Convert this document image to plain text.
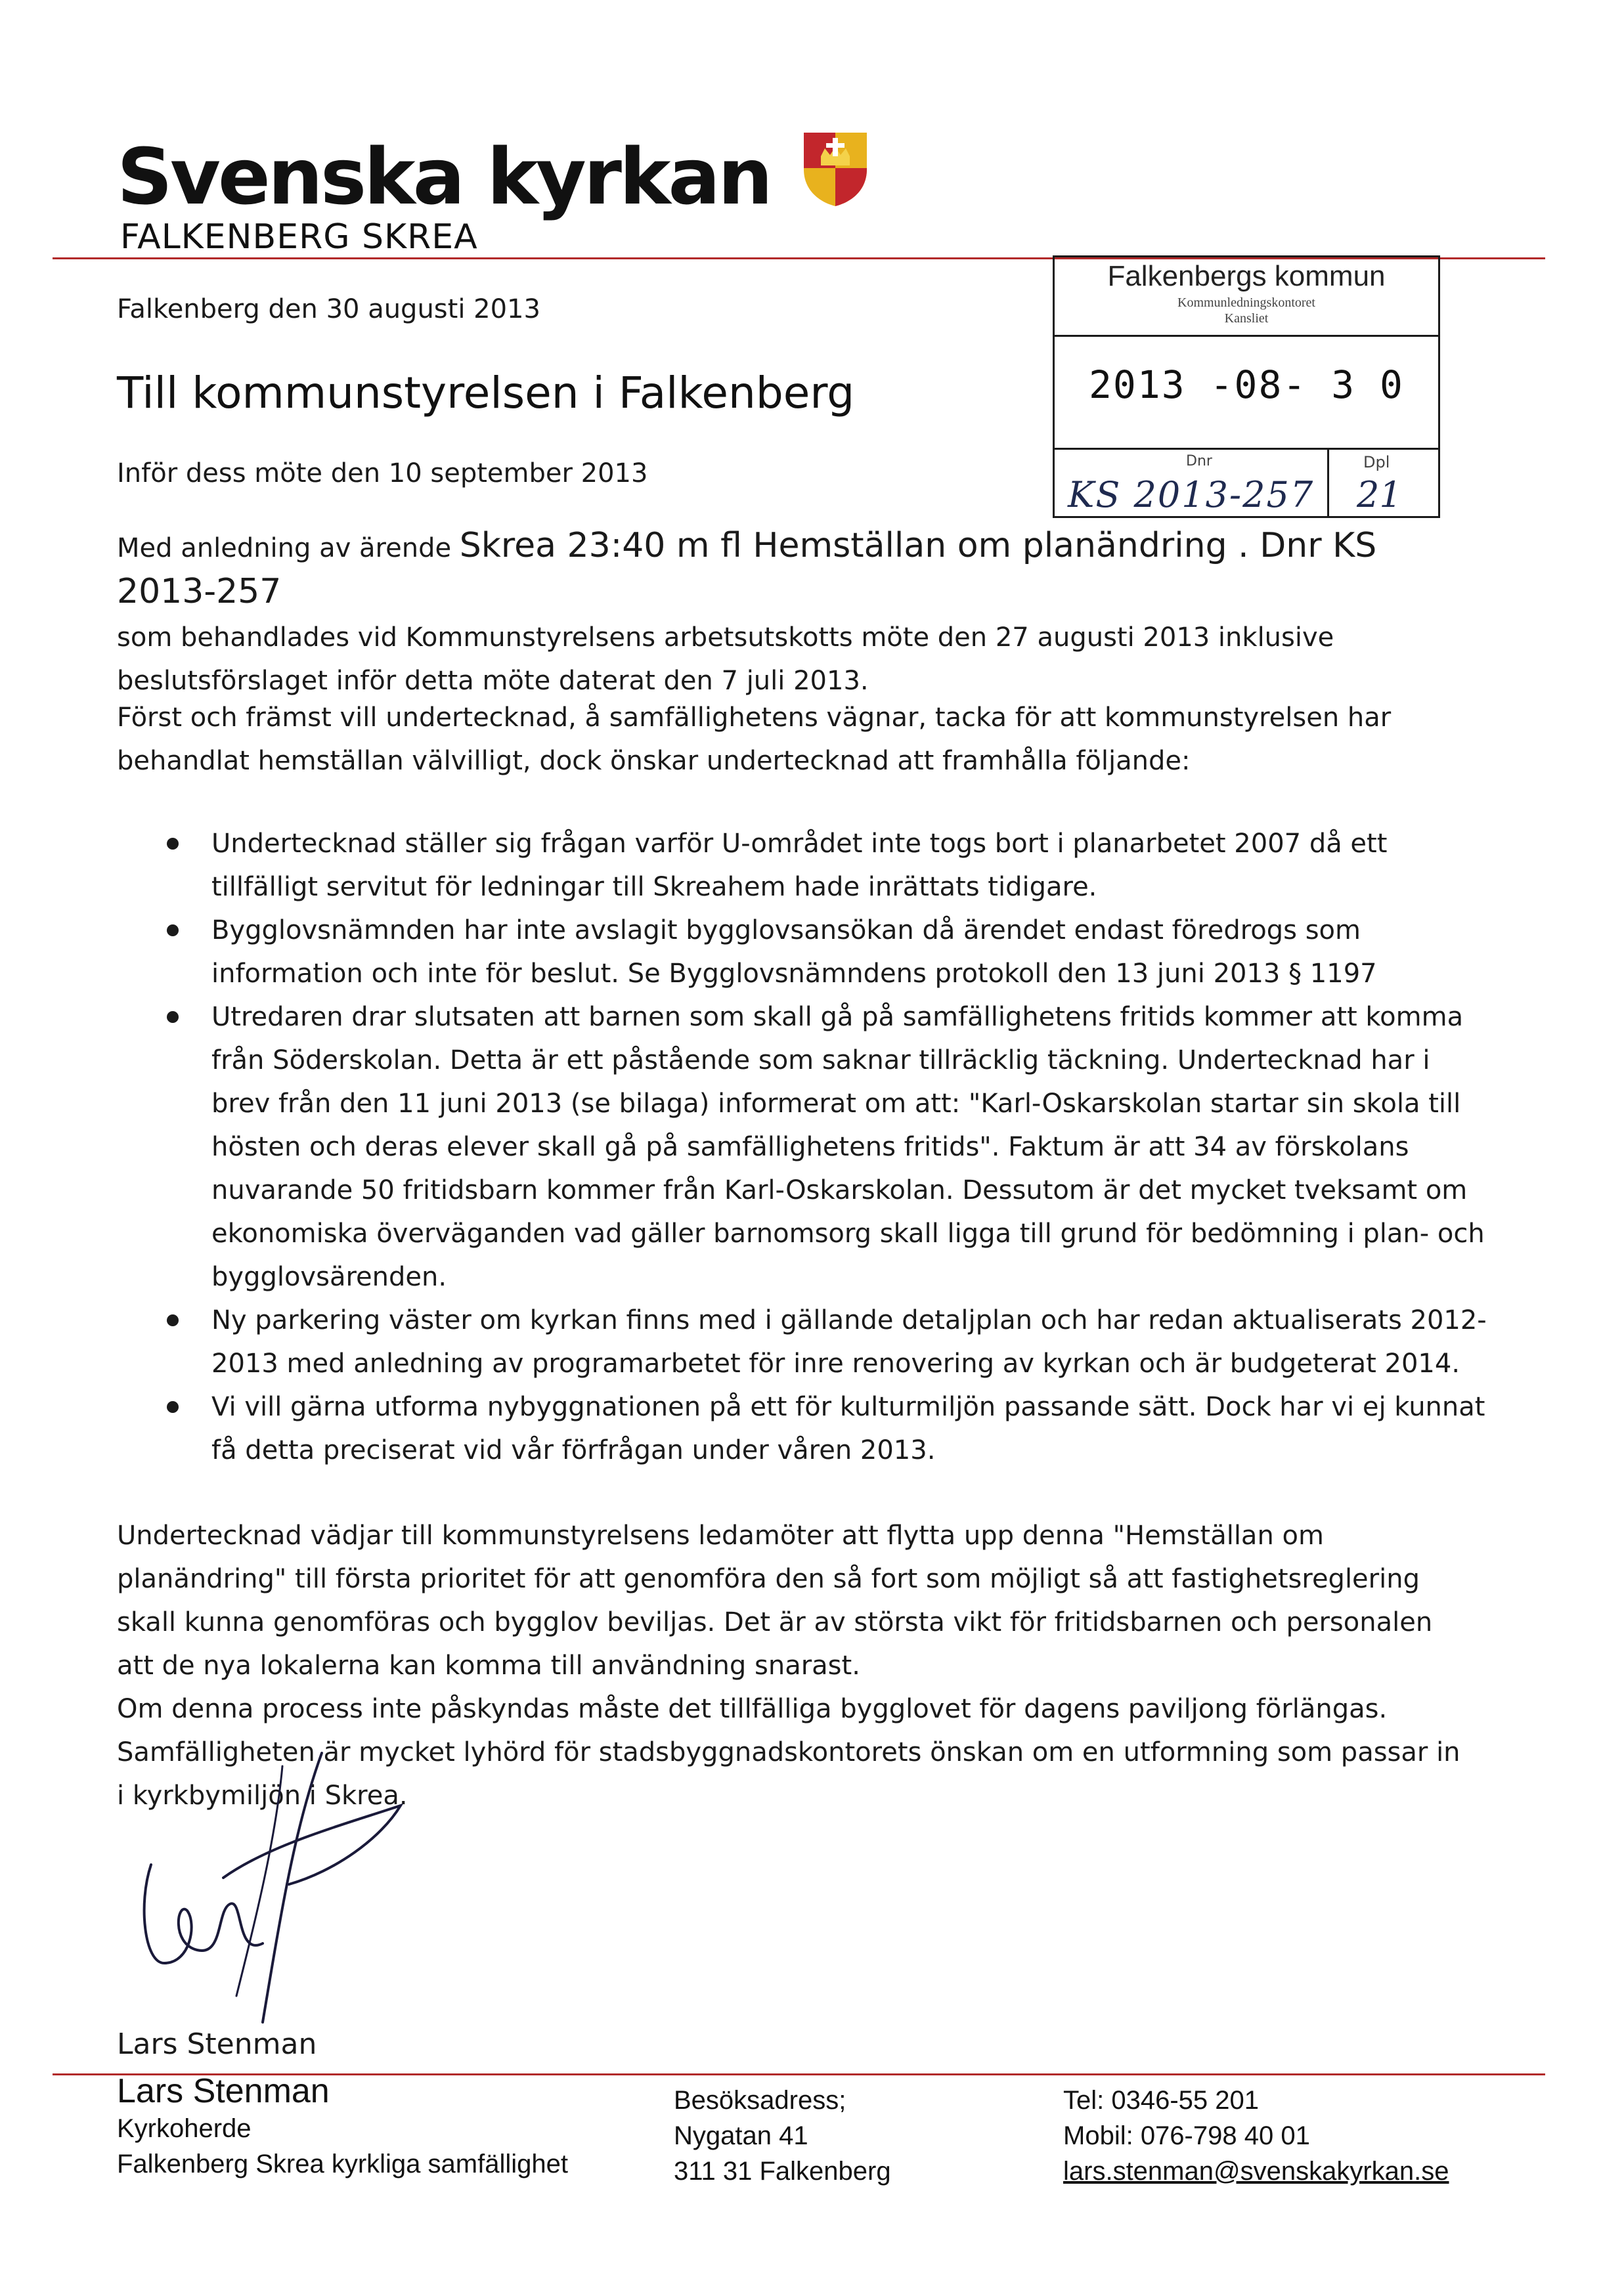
Svenska kyrkan
FALKENBERG SKREA
Falkenbergs kommun
Kommunledningskontoret
Kansliet
2013 -08- 3 0
Dnr	Dpl
KS 2013-257 21
Falkenberg den 30 augusti 2013
Till kommunstyrelsen i Falkenberg
Inför dess möte den 10 september 2013
Med anledning av ärende Skrea 23:40 m fl Hemställan om planändring . Dnr KS 2013-257
som behandlades vid Kommunstyrelsens arbetsutskotts möte den 27 augusti 2013 inklusive beslutsförslaget inför detta möte daterat den 7 juli 2013.
Först och främst vill undertecknad, å samfällighetens vägnar, tacka för att kommunstyrelsen har behandlat hemställan välvilligt, dock önskar undertecknad att framhålla följande:
Undertecknad ställer sig frågan varför U-området inte togs bort i planarbetet 2007 då ett tillfälligt servitut för ledningar till Skreahem hade inrättats tidigare.
Bygglovsnämnden har inte avslagit bygglovsansökan då ärendet endast föredrogs som information och inte för beslut. Se Bygglovsnämndens protokoll den 13 juni 2013 § 1197
Utredaren drar slutsaten att barnen som skall gå på samfällighetens fritids kommer att komma från Söderskolan. Detta är ett påstående som saknar tillräcklig täckning. Undertecknad har i brev från den 11 juni 2013 (se bilaga) informerat om att: "Karl-Oskarskolan startar sin skola till hösten och deras elever skall gå på samfällighetens fritids". Faktum är att 34 av förskolans nuvarande 50 fritidsbarn kommer från Karl-Oskarskolan. Dessutom är det mycket tveksamt om ekonomiska överväganden vad gäller barnomsorg skall ligga till grund för bedömning i plan- och bygglovsärenden.
Ny parkering väster om kyrkan finns med i gällande detaljplan och har redan aktualiserats 2012-2013 med anledning av programarbetet för inre renovering av kyrkan och är budgeterat 2014.
Vi vill gärna utforma nybyggnationen på ett för kulturmiljön passande sätt. Dock har vi ej kunnat få detta preciserat vid vår förfrågan under våren 2013.

Undertecknad vädjar till kommunstyrelsens ledamöter att flytta upp denna "Hemställan om planändring" till första prioritet för att genomföra den så fort som möjligt så att fastighetsreglering skall kunna genomföras och bygglov beviljas. Det är av största vikt för fritidsbarnen och personalen att de nya lokalerna kan komma till användning snarast.

Om denna process inte påskyndas måste det tillfälliga bygglovet för dagens paviljong förlängas.

Samfälligheten är mycket lyhörd för stadsbyggnadskontorets önskan om en utformning som passar in i kyrkbymiljön i Skrea.

Lars Stenman
Lars Stenman
Kyrkoherde
Falkenberg Skrea kyrkliga samfällighet
Besöksadress;
Nygatan 41
311 31 Falkenberg
Tel: 0346-55 201
Mobil: 076-798 40 01
lars.stenman@svenskakyrkan.se
